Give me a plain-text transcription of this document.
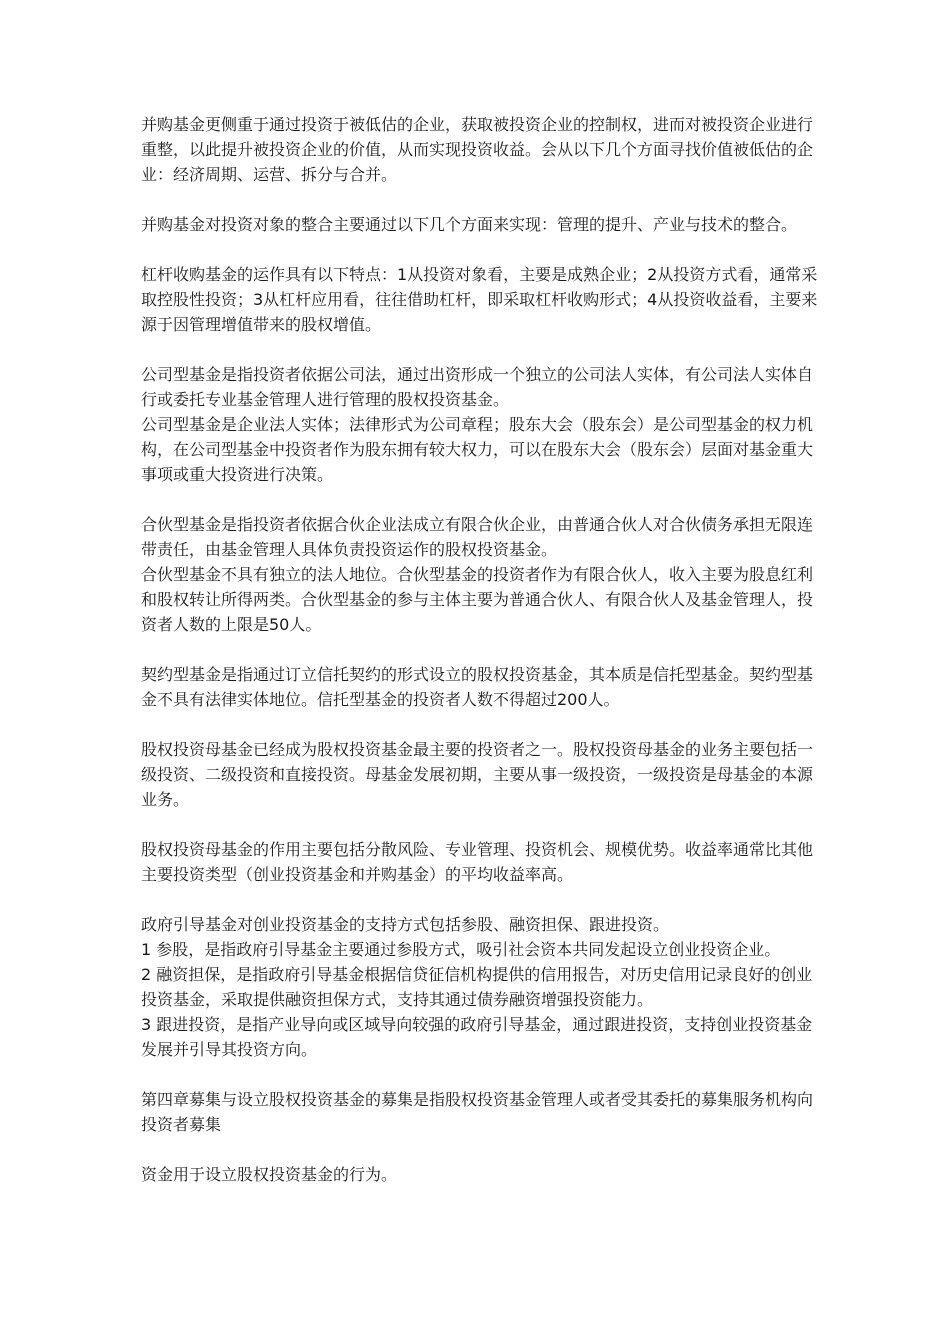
并购基金更侧重于通过投资于被低估的企业，获取被投资企业的控制权，进而对被投资企业进行重整，以此提升被投资企业的价值，从而实现投资收益。会从以下几个方面寻找价值被低估的企业：经济周期、运营、拆分与合并。

并购基金对投资对象的整合主要通过以下几个方面来实现：管理的提升、产业与技术的整合。

杠杆收购基金的运作具有以下特点：1从投资对象看，主要是成熟企业；2从投资方式看，通常采取控股性投资；3从杠杆应用看，往往借助杠杆，即采取杠杆收购形式；4从投资收益看，主要来源于因管理增值带来的股权增值。

公司型基金是指投资者依据公司法，通过出资形成一个独立的公司法人实体，有公司法人实体自行或委托专业基金管理人进行管理的股权投资基金。

公司型基金是企业法人实体；法律形式为公司章程；股东大会（股东会）是公司型基金的权力机构，在公司型基金中投资者作为股东拥有较大权力，可以在股东大会（股东会）层面对基金重大事项或重大投资进行决策。

合伙型基金是指投资者依据合伙企业法成立有限合伙企业，由普通合伙人对合伙债务承担无限连带责任，由基金管理人具体负责投资运作的股权投资基金。

合伙型基金不具有独立的法人地位。合伙型基金的投资者作为有限合伙人，收入主要为股息红利和股权转让所得两类。合伙型基金的参与主体主要为普通合伙人、有限合伙人及基金管理人，投资者人数的上限是50人。

契约型基金是指通过订立信托契约的形式设立的股权投资基金，其本质是信托型基金。契约型基金不具有法律实体地位。信托型基金的投资者人数不得超过200人。

股权投资母基金已经成为股权投资基金最主要的投资者之一。股权投资母基金的业务主要包括一级投资、二级投资和直接投资。母基金发展初期，主要从事一级投资，一级投资是母基金的本源业务。

股权投资母基金的作用主要包括分散风险、专业管理、投资机会、规模优势。收益率通常比其他主要投资类型（创业投资基金和并购基金）的平均收益率高。

政府引导基金对创业投资基金的支持方式包括参股、融资担保、跟进投资。

1 参股，是指政府引导基金主要通过参股方式，吸引社会资本共同发起设立创业投资企业。

2 融资担保，是指政府引导基金根据信贷征信机构提供的信用报告，对历史信用记录良好的创业投资基金，采取提供融资担保方式，支持其通过债券融资增强投资能力。

3 跟进投资，是指产业导向或区域导向较强的政府引导基金，通过跟进投资，支持创业投资基金发展并引导其投资方向。

第四章募集与设立股权投资基金的募集是指股权投资基金管理人或者受其委托的募集服务机构向投资者募集

资金用于设立股权投资基金的行为。
